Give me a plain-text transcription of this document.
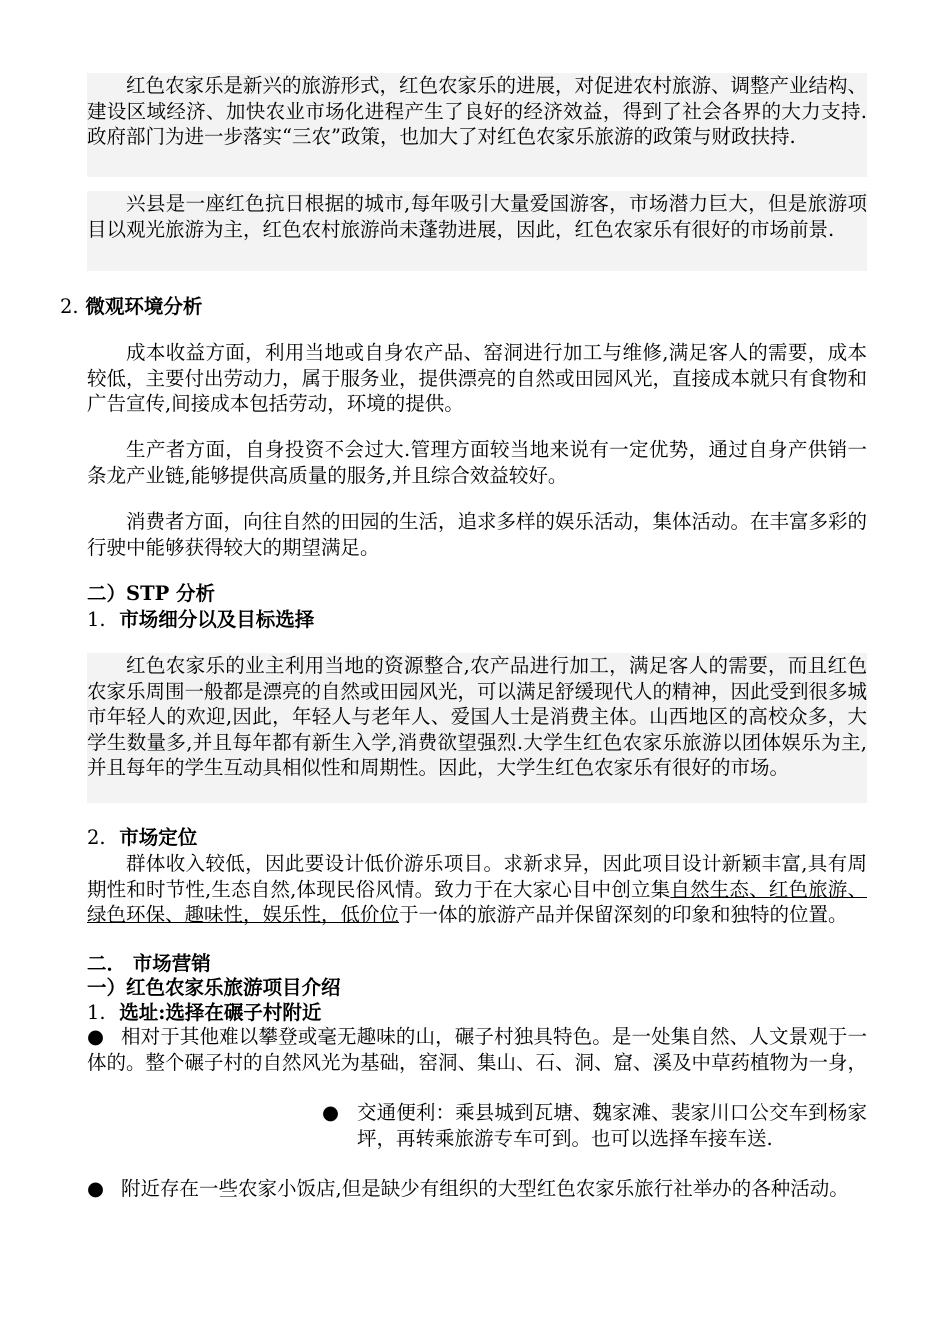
红色农家乐是新兴的旅游形式，红色农家乐的进展，对促进农村旅游、调整产业结构、建设区域经济、加快农业市场化进程产生了良好的经济效益，得到了社会各界的大力支持.政府部门为进一步落实“三农”政策，也加大了对红色农家乐旅游的政策与财政扶持.
兴县是一座红色抗日根据的城市,每年吸引大量爱国游客，市场潜力巨大，但是旅游项目以观光旅游为主，红色农村旅游尚未蓬勃进展，因此，红色农家乐有很好的市场前景.
2. 微观环境分析
成本收益方面，利用当地或自身农产品、窑洞进行加工与维修,满足客人的需要，成本较低，主要付出劳动力，属于服务业，提供漂亮的自然或田园风光，直接成本就只有食物和广告宣传,间接成本包括劳动，环境的提供。
生产者方面，自身投资不会过大.管理方面较当地来说有一定优势，通过自身产供销一条龙产业链,能够提供高质量的服务,并且综合效益较好。
消费者方面，向往自然的田园的生活，追求多样的娱乐活动，集体活动。在丰富多彩的行驶中能够获得较大的期望满足。
二）STP 分析
1. 市场细分以及目标选择
红色农家乐的业主利用当地的资源整合,农产品进行加工，满足客人的需要，而且红色农家乐周围一般都是漂亮的自然或田园风光，可以满足舒缓现代人的精神，因此受到很多城市年轻人的欢迎,因此，年轻人与老年人、爱国人士是消费主体。山西地区的高校众多，大学生数量多,并且每年都有新生入学,消费欲望强烈.大学生红色农家乐旅游以团体娱乐为主,并且每年的学生互动具相似性和周期性。因此，大学生红色农家乐有很好的市场。
2. 市场定位
群体收入较低，因此要设计低价游乐项目。求新求异，因此项目设计新颖丰富,具有周期性和时节性,生态自然,体现民俗风情。致力于在大家心目中创立集自然生态、红色旅游、绿色环保、趣味性，娱乐性，低价位于一体的旅游产品并保留深刻的印象和独特的位置。
二． 市场营销
一）红色农家乐旅游项目介绍
1. 选址:选择在碾子村附近
● 相对于其他难以攀登或毫无趣味的山，碾子村独具特色。是一处集自然、人文景观于一体的。整个碾子村的自然风光为基础，窑洞、集山、石、洞、窟、溪及中草药植物为一身，
● 交通便利：乘县城到瓦塘、魏家滩、裴家川口公交车到杨家坪，再转乘旅游专车可到。也可以选择车接车送.
● 附近存在一些农家小饭店,但是缺少有组织的大型红色农家乐旅行社举办的各种活动。
